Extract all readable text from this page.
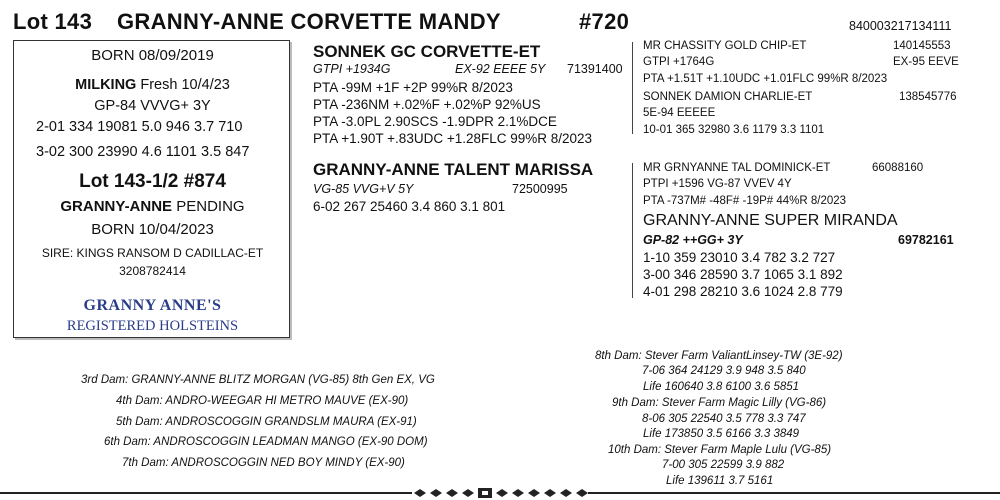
Lot 143 GRANNY-ANNE CORVETTE MANDY	#720	840003217134111
BORN 08/09/2019
MILKING Fresh 10/4/23
GP-84 VVVG+ 3Y
2-01 334 19081 5.0 946 3.7 710
3-02 300 23990 4.6 1101 3.5 847
Lot 143-1/2 #874
GRANNY-ANNE PENDING
BORN 10/04/2023
SIRE: KINGS RANSOM D CADILLAC-ET
3208782414
GRANNY ANNE'S
REGISTERED HOLSTEINS
SONNEK GC CORVETTE-ET
GTPI +1934G	EX-92 EEEE 5Y 71391400
PTA -99M +1F +2P 99%R 8/2023
PTA -236NM +.02%F +.02%P 92%US
PTA -3.0PL 2.90SCS -1.9DPR 2.1%DCE
PTA +1.90T +.83UDC +1.28FLC 99%R 8/2023
MR CHASSITY GOLD CHIP-ET	140145553
GTPI +1764G	EX-95 EEVE
PTA +1.51T +1.10UDC +1.01FLC 99%R 8/2023
SONNEK DAMION CHARLIE-ET	138545776
5E-94 EEEEE
10-01 365 32980 3.6 1179 3.3 1101
GRANNY-ANNE TALENT MARISSA
VG-85 VVG+V 5Y	72500995
6-02 267 25460 3.4 860 3.1 801
MR GRNYANNE TAL DOMINICK-ET	66088160
PTPI +1596 VG-87 VVEV 4Y
PTA -737M# -48F# -19P# 44%R 8/2023
GRANNY-ANNE SUPER MIRANDA
GP-82 ++GG+ 3Y	69782161
1-10 359 23010 3.4 782 3.2 727
3-00 346 28590 3.7 1065 3.1 892
4-01 298 28210 3.6 1024 2.8 779
3rd Dam: GRANNY-ANNE BLITZ MORGAN (VG-85) 8th Gen EX, VG
4th Dam: ANDRO-WEEGAR HI METRO MAUVE (EX-90)
5th Dam: ANDROSCOGGIN GRANDSLM MAURA (EX-91)
6th Dam: ANDROSCOGGIN LEADMAN MANGO (EX-90 DOM)
7th Dam: ANDROSCOGGIN NED BOY MINDY (EX-90)
8th Dam: Stever Farm ValiantLinsey-TW (3E-92)
7-06 364 24129 3.9 948 3.5 840
Life 160640 3.8 6100 3.6 5851
9th Dam: Stever Farm Magic Lilly (VG-86)
8-06 305 22540 3.5 778 3.3 747
Life 173850 3.5 6166 3.3 3849
10th Dam: Stever Farm Maple Lulu (VG-85)
7-00 305 22599 3.9 882
Life 139611 3.7 5161
